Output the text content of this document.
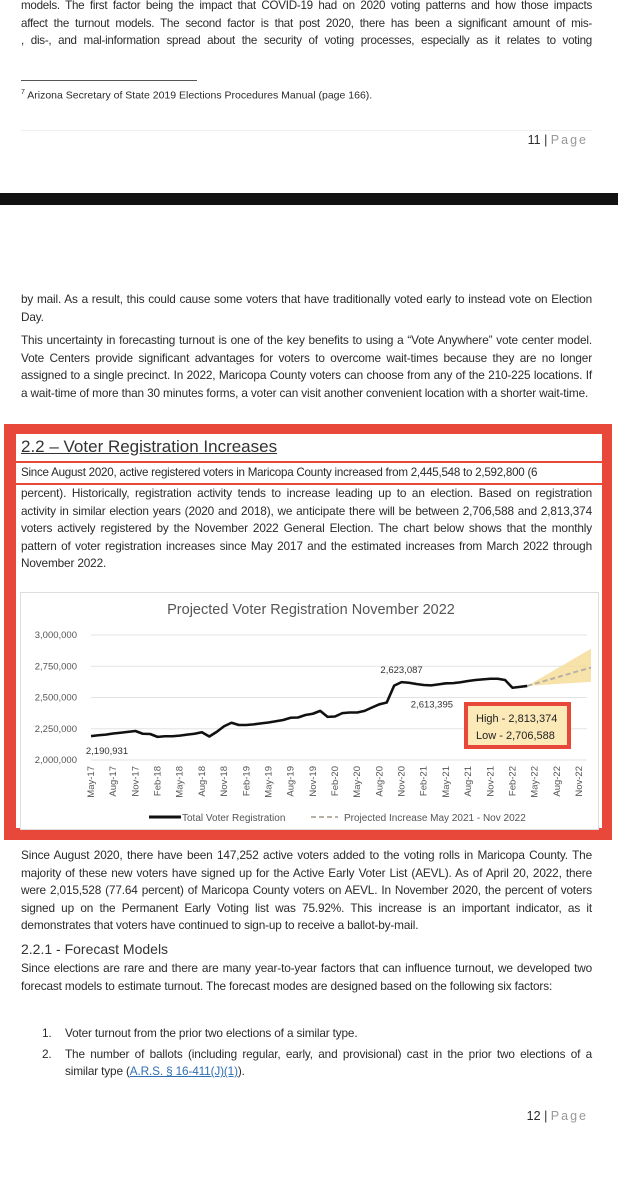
models. The first factor being the impact that COVID-19 had on 2020 voting patterns and how those impacts
affect the turnout models. The second factor is that post 2020, there has been a significant amount of mis-
, dis-, and mal-information spread about the security of voting processes, especially as it relates to voting
$^7$ Arizona Secretary of State 2019 Elections Procedures Manual (page 166).
11 | Page
by mail. As a result, this could cause some voters that have traditionally voted early to instead vote on Election Day.
This uncertainty in forecasting turnout is one of the key benefits to using a “Vote Anywhere” vote center model. Vote Centers provide significant advantages for voters to overcome wait-times because they are no longer assigned to a single precinct. In 2022, Maricopa County voters can choose from any of the 210-225 locations. If a wait-time of more than 30 minutes forms, a voter can visit another convenient location with a shorter wait-time.
2.2 – Voter Registration Increases
Since August 2020, active registered voters in Maricopa County increased from 2,445,548 to 2,592,800 (6
percent). Historically, registration activity tends to increase leading up to an election. Based on registration activity in similar election years (2020 and 2018), we anticipate there will be between 2,706,588 and 2,813,374 voters actively registered by the November 2022 General Election. The chart below shows that the monthly pattern of voter registration increases since May 2017 and the estimated increases from March 2022 through November 2022.
Projected Voter Registration November 2022
2,000,000
2,250,000
2,500,000
2,750,000
3,000,000
May-17 Aug-17 Nov-17 Feb-18 May-18 Aug-18 Nov-18 Feb-19 May-19 Aug-19 Nov-19 Feb-20 May-20 Aug-20 Nov-20 Feb-21 May-21 Aug-21 Nov-21 Feb-22 May-22 Aug-22 Nov-22
2,190,931
2,623,087
2,613,395
High - 2,813,374
Low - 2,706,588
Total Voter Registration	Projected Increase May 2021 - Nov 2022
Since August 2020, there have been 147,252 active voters added to the voting rolls in Maricopa County. The majority of these new voters have signed up for the Active Early Voter List (AEVL). As of April 20, 2022, there were 2,015,528 (77.64 percent) of Maricopa County voters on AEVL. In November 2020, the percent of voters signed up on the Permanent Early Voting list was 75.92%. This increase is an important indicator, as it demonstrates that voters have continued to sign-up to receive a ballot-by-mail.
2.2.1 - Forecast Models
Since elections are rare and there are many year-to-year factors that can influence turnout, we developed two forecast models to estimate turnout. The forecast modes are designed based on the following six factors:
1.	Voter turnout from the prior two elections of a similar type.
2.	The number of ballots (including regular, early, and provisional) cast in the prior two elections of a similar type (A.R.S. § 16-411(J)(1)).
12 | Page
